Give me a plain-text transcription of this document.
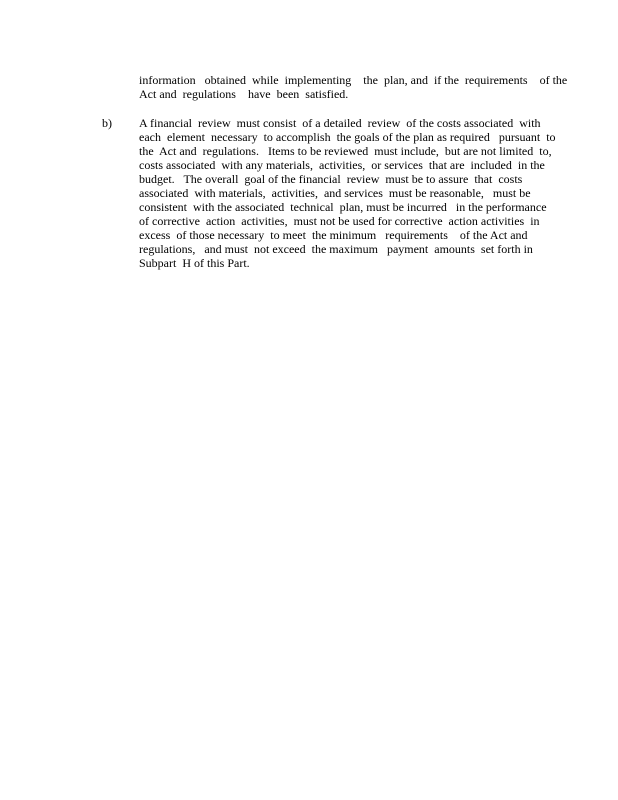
information   obtained  while  implementing    the  plan, and  if the  requirements    of the
Act and  regulations    have  been  satisfied.
b) A financial  review  must consist  of a detailed  review  of the costs associated  with
each  element  necessary  to accomplish  the goals of the plan as required   pursuant  to
the  Act and  regulations.   Items to be reviewed  must include,  but are not limited  to,
costs associated  with any materials,  activities,  or services  that are  included  in the
budget.   The overall  goal of the financial  review  must be to assure  that  costs
associated  with materials,  activities,  and services  must be reasonable,   must be
consistent  with the associated  technical  plan, must be incurred   in the performance
of corrective  action  activities,  must not be used for corrective  action activities  in
excess  of those necessary  to meet  the minimum   requirements    of the Act and
regulations,   and must  not exceed  the maximum   payment  amounts  set forth in
Subpart  H of this Part.
